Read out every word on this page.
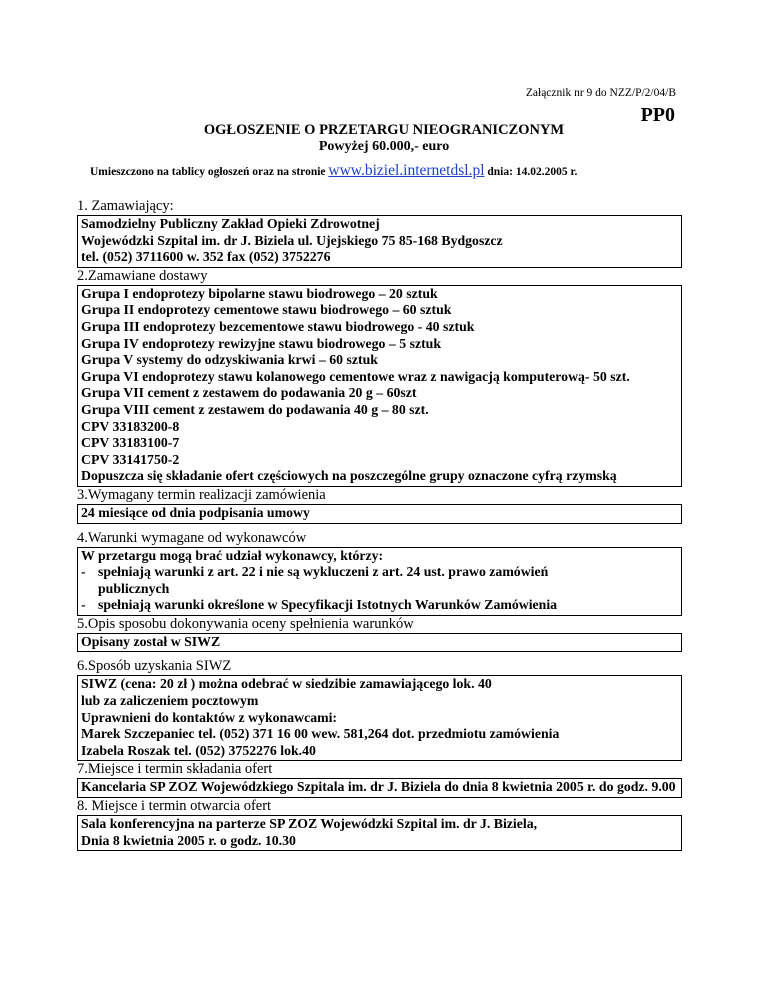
Załącznik nr 9 do NZZ/P/2/04/B
PP0
OGŁOSZENIE O PRZETARGU NIEOGRANICZONYM
Powyżej 60.000,- euro
Umieszczono na tablicy ogłoszeń oraz na stronie www.biziel.internetdsl.pl dnia: 14.02.2005 r.
1. Zamawiający:
Samodzielny Publiczny Zakład Opieki Zdrowotnej
Wojewódzki Szpital im. dr J. Biziela ul. Ujejskiego 75 85-168 Bydgoszcz
tel. (052) 3711600 w. 352 fax (052) 3752276
2.Zamawiane dostawy
Grupa I endoprotezy bipolarne stawu biodrowego – 20 sztuk
Grupa II endoprotezy cementowe stawu biodrowego – 60 sztuk
Grupa III endoprotezy bezcementowe stawu biodrowego - 40 sztuk
Grupa IV endoprotezy rewizyjne stawu biodrowego – 5 sztuk
Grupa V systemy do odzyskiwania krwi – 60 sztuk
Grupa VI endoprotezy stawu kolanowego cementowe wraz z nawigacją komputerową- 50 szt.
Grupa VII cement z zestawem do podawania 20 g – 60szt
Grupa VIII cement z zestawem do podawania 40 g – 80 szt.
CPV 33183200-8
CPV 33183100-7
CPV 33141750-2
Dopuszcza się składanie ofert częściowych na poszczególne grupy oznaczone cyfrą rzymską
3.Wymagany termin realizacji zamówienia
24 miesiące od dnia podpisania umowy
4.Warunki wymagane od wykonawców
W przetargu mogą brać udział wykonawcy, którzy:
- spełniają warunki z art. 22 i nie są wykluczeni z art. 24 ust. prawo zamówień
publicznych
- spełniają warunki określone w Specyfikacji Istotnych Warunków Zamówienia
5.Opis sposobu dokonywania oceny spełnienia warunków
Opisany został w SIWZ
6.Sposób uzyskania SIWZ
SIWZ (cena: 20 zł ) można odebrać w siedzibie zamawiającego lok. 40
lub za zaliczeniem pocztowym
Uprawnieni do kontaktów z wykonawcami:
Marek Szczepaniec tel. (052) 371 16 00 wew. 581,264 dot. przedmiotu zamówienia
Izabela Roszak tel. (052) 3752276 lok.40
7.Miejsce i termin składania ofert
Kancelaria SP ZOZ Wojewódzkiego Szpitala im. dr J. Biziela do dnia 8 kwietnia 2005 r. do godz. 9.00
8. Miejsce i termin otwarcia ofert
Sala konferencyjna na parterze SP ZOZ Wojewódzki Szpital im. dr J. Biziela,
Dnia 8 kwietnia 2005 r. o godz. 10.30
